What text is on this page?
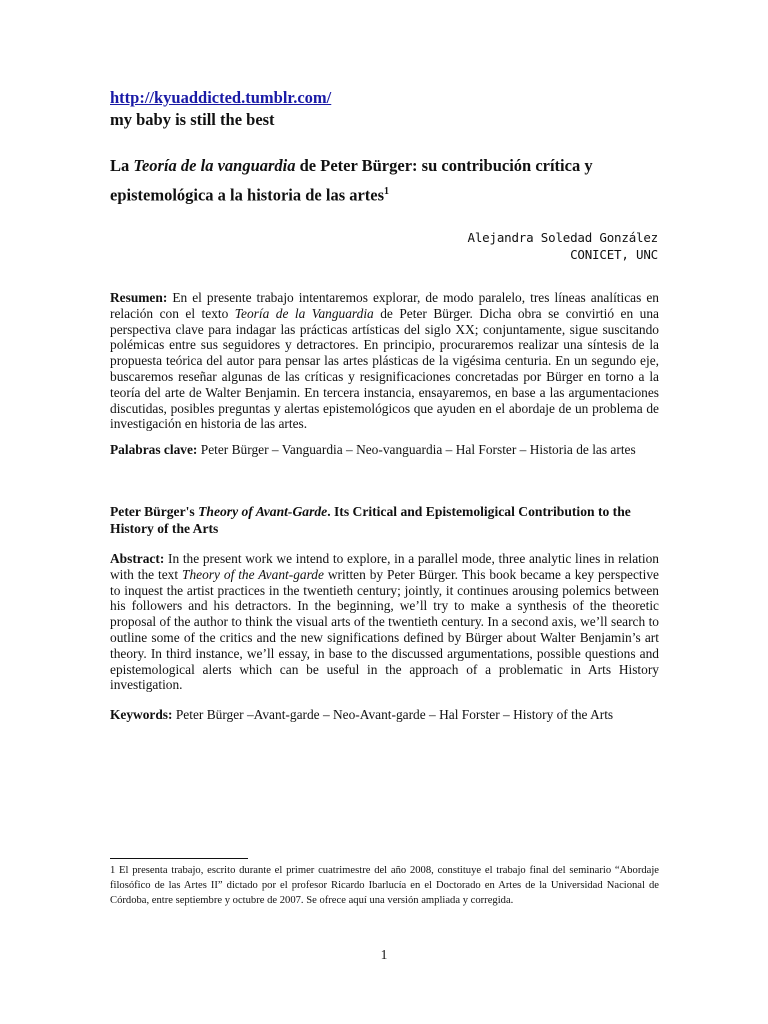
http://kyuaddicted.tumblr.com/
my baby is still the best
La Teoría de la vanguardia de Peter Bürger: su contribución crítica y epistemológica a la historia de las artes$^1$
Alejandra Soledad González
CONICET, UNC
Resumen: En el presente trabajo intentaremos explorar, de modo paralelo, tres líneas analíticas en relación con el texto Teoría de la Vanguardia de Peter Bürger. Dicha obra se convirtió en una perspectiva clave para indagar las prácticas artísticas del siglo XX; conjuntamente, sigue suscitando polémicas entre sus seguidores y detractores. En principio, procuraremos realizar una síntesis de la propuesta teórica del autor para pensar las artes plásticas de la vigésima centuria. En un segundo eje, buscaremos reseñar algunas de las críticas y resignificaciones concretadas por Bürger en torno a la teoría del arte de Walter Benjamin. En tercera instancia, ensayaremos, en base a las argumentaciones discutidas, posibles preguntas y alertas epistemológicos que ayuden en el abordaje de un problema de investigación en historia de las artes.
Palabras clave: Peter Bürger – Vanguardia – Neo-vanguardia – Hal Forster – Historia de las artes
Peter Bürger's Theory of Avant-Garde. Its Critical and Epistemoligical Contribution to the History of the Arts
Abstract: In the present work we intend to explore, in a parallel mode, three analytic lines in relation with the text Theory of the Avant-garde written by Peter Bürger. This book became a key perspective to inquest the artist practices in the twentieth century; jointly, it continues arousing polemics between his followers and his detractors. In the beginning, we’ll try to make a synthesis of the theoretic proposal of the author to think the visual arts of the twentieth century. In a second axis, we’ll search to outline some of the critics and the new significations defined by Bürger about Walter Benjamin’s art theory. In third instance, we’ll essay, in base to the discussed argumentations, possible questions and epistemological alerts which can be useful in the approach of a problematic in Arts History investigation.
Keywords: Peter Bürger –Avant-garde – Neo-Avant-garde – Hal Forster – History of the Arts
1 El presenta trabajo, escrito durante el primer cuatrimestre del año 2008, constituye el trabajo final del seminario “Abordaje filosófico de las Artes II” dictado por el profesor Ricardo Ibarlucía en el Doctorado en Artes de la Universidad Nacional de Córdoba, entre septiembre y octubre de 2007. Se ofrece aquí una versión ampliada y corregida.
1
